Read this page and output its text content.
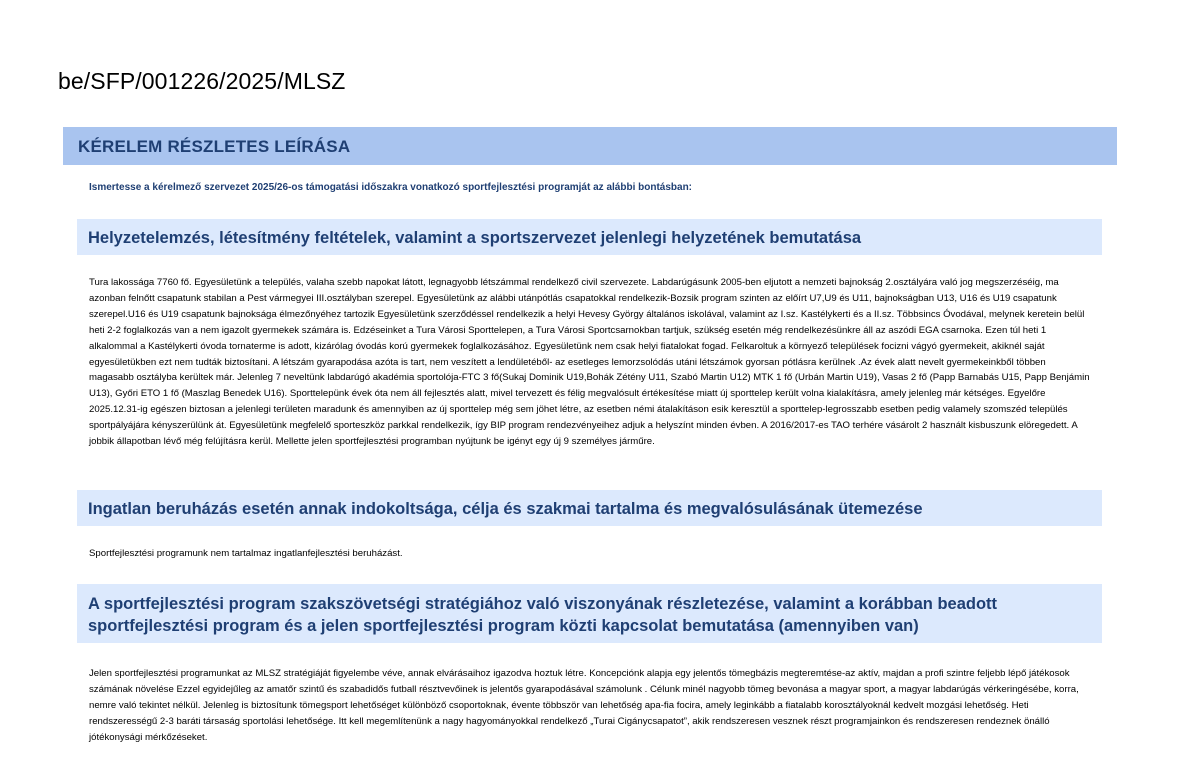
be/SFP/001226/2025/MLSZ
KÉRELEM RÉSZLETES LEÍRÁSA

Ismertesse a kérelmező szervezet 2025/26-os támogatási időszakra vonatkozó sportfejlesztési programját az alábbi bontásban:

Helyzetelemzés, létesítmény feltételek, valamint a sportszervezet jelenlegi helyzetének bemutatása

Tura lakossága 7760 fő. Egyesületünk a település, valaha szebb napokat látott, legnagyobb létszámmal rendelkező civil szervezete. Labdarúgásunk 2005-ben eljutott a nemzeti bajnokság 2.osztályára való jog megszerzéséig, ma azonban felnőtt csapatunk stabilan a Pest vármegyei III.osztályban szerepel. Egyesületünk az alábbi utánpótlás csapatokkal rendelkezik-Bozsik program szinten az előírt U7,U9 és U11, bajnokságban U13, U16 és U19 csapatunk szerepel.U16 és U19 csapatunk bajnoksága élmezőnyéhez tartozik Egyesületünk szerződéssel rendelkezik a helyi Hevesy György általános iskolával, valamint az I.sz. Kastélykerti és a II.sz. Többsincs Óvodával, melynek keretein belül heti 2-2 foglalkozás van a nem igazolt gyermekek számára is. Edzéseinket a Tura Városi Sporttelepen, a Tura Városi Sportcsarnokban tartjuk, szükség esetén még rendelkezésünkre áll az aszódi EGA csarnoka. Ezen túl heti 1 alkalommal a Kastélykerti óvoda tornaterme is adott, kizárólag óvodás korú gyermekek foglalkozásához. Egyesületünk nem csak helyi fiatalokat fogad. Felkaroltuk a környező települések focizni vágyó gyermekeit, akiknél saját egyesületükben ezt nem tudták biztosítani. A létszám gyarapodása azóta is tart, nem veszített a lendületéből- az esetleges lemorzsolódás utáni létszámok gyorsan pótlásra kerülnek .Az évek alatt nevelt gyermekeinkből többen magasabb osztályba kerültek már. Jelenleg 7 neveltünk labdarúgó akadémia sportolója-FTC 3 fő(Sukaj Dominik U19,Bohák Zétény U11, Szabó Martin U12) MTK 1 fő (Urbán Martin U19), Vasas 2 fő (Papp Barnabás U15, Papp Benjámin U13), Győri ETO 1 fő (Maszlag Benedek U16). Sporttelepünk évek óta nem áll fejlesztés alatt, mivel tervezett és félig megvalósult értékesítése miatt új sporttelep került volna kialakításra, amely jelenleg már kétséges. Egyelőre 2025.12.31-ig egészen biztosan a jelenlegi területen maradunk és amennyiben az új sporttelep még sem jöhet létre, az esetben némi átalakításon esik keresztül a sporttelep-legrosszabb esetben pedig valamely szomszéd település sportpályájára kényszerülünk át. Egyesületünk megfelelő sporteszköz parkkal rendelkezik, így BIP program rendezvényeihez adjuk a helyszínt minden évben. A 2016/2017-es TAO terhére vásárolt 2 használt kisbuszunk elöregedett. A jobbik állapotban lévő még felújításra kerül. Mellette jelen sportfejlesztési programban nyújtunk be igényt egy új 9 személyes járműre.

Ingatlan beruházás esetén annak indokoltsága, célja és szakmai tartalma és megvalósulásának ütemezése

Sportfejlesztési programunk nem tartalmaz ingatlanfejlesztési beruházást.

A sportfejlesztési program szakszövetségi stratégiához való viszonyának részletezése, valamint a korábban beadott sportfejlesztési program és a jelen sportfejlesztési program közti kapcsolat bemutatása (amennyiben van)

Jelen sportfejlesztési programunkat az MLSZ stratégiáját figyelembe véve, annak elvárásaihoz igazodva hoztuk létre. Koncepciónk alapja egy jelentős tömegbázis megteremtése-az aktív, majdan a profi szintre feljebb lépő játékosok számának növelése Ezzel egyidejűleg az amatőr szintű és szabadidős futball résztvevőinek is jelentős gyarapodásával számolunk . Célunk minél nagyobb tömeg bevonása a magyar sport, a magyar labdarúgás vérkeringésébe, korra, nemre való tekintet nélkül. Jelenleg is biztosítunk tömegsport lehetőséget különböző csoportoknak, évente többször van lehetőség apa-fia focira, amely leginkább a fiatalabb korosztályoknál kedvelt mozgási lehetőség. Heti rendszerességű 2-3 baráti társaság sportolási lehetősége. Itt kell megemlítenünk a nagy hagyományokkal rendelkező „Turai Cigánycsapatot”, akik rendszeresen vesznek részt programjainkon és rendszeresen rendeznek önálló jótékonysági mérkőzéseket.
